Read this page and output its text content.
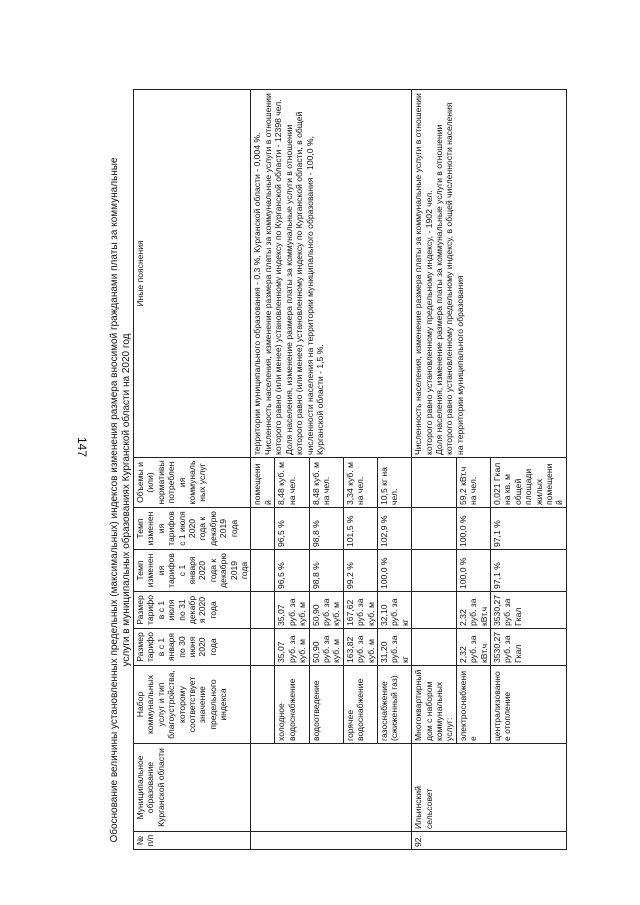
147 Обоснование величины установленных предельных (максимальных) индексов изменения размера вносимой гражданами платы за коммунальные услуги в муниципальных образованиях Курганской области на 2020 год
№ п/п	Муниципальное образование Курганской области	Набор коммунальных услуг и тип благоустройства, которому соответствует значение предельного индекса	Размер тарифов с 1 января по 30 июня 2020 года	Размер тарифов с 1 июля по 31 декабря 2020 года	Темп изменения тарифов с 1 января 2020 года к декабрю 2019 года	Темп изменения тарифов с 1 июля 2020 года к декабрю 2019 года	Объемы и (или) нормативы потребления коммунальных услуг	Иные пояснения
							помещений	территории муниципального образования - 0,3 %, Курганской области - 0,004 %.
Численность населения, изменение размера платы за коммунальные услуги в отношении которого равно (или менее) установленному индексу по Курганской области - 12398 чел. Доля населения, изменение размера платы за коммунальные услуги в отношении которого равно (или менее) установленному индексу по Курганской области, в общей численности населения на территории муниципального образования - 100,0 %, Курганской области - 1,5 %.
		холодное водоснабжение	35,07 руб. за куб. м	35,07 руб. за куб. м	96,5 %	96,5 %	8,48 куб. м на чел.	
		водоотведение	50,90 руб. за куб. м	50,90 руб. за куб. м	98,8 %	98,8 %	8,48 куб. м на чел.	
		горячее водоснабжение	163,82 руб. за куб. м	167,62 руб. за куб. м	99,2 %	101,5 %	3,34 куб. м на чел.	
		газоснабжение (сжиженный газ)	31,20 руб. за кг	32,10 руб. за кг	100,0 %	102,9 %	10,5 кг на чел.	
92.	Ильинский сельсовет	Многоквартирный дом с набором коммунальных услуг:						Численность населения, изменение размера платы за коммунальные услуги в отношении которого равно установленному предельному индексу, - 1902 чел.
Доля населения, изменение размера платы за коммунальные услуги в отношении которого равно установленному предельному индексу, в общей численности населения на территории муниципального образования
		электроснабжение	2,32 руб. за кВт.ч	2,32 руб. за кВт.ч	100,0 %	100,0 %	59,2 кВт.ч на чел.	
		централизованное отопление	3530,27 руб. за Гкал	3530,27 руб. за Гкал	97,1 %	97,1 %	0,021 Гкал на кв. м общей площади жилых помещений	
